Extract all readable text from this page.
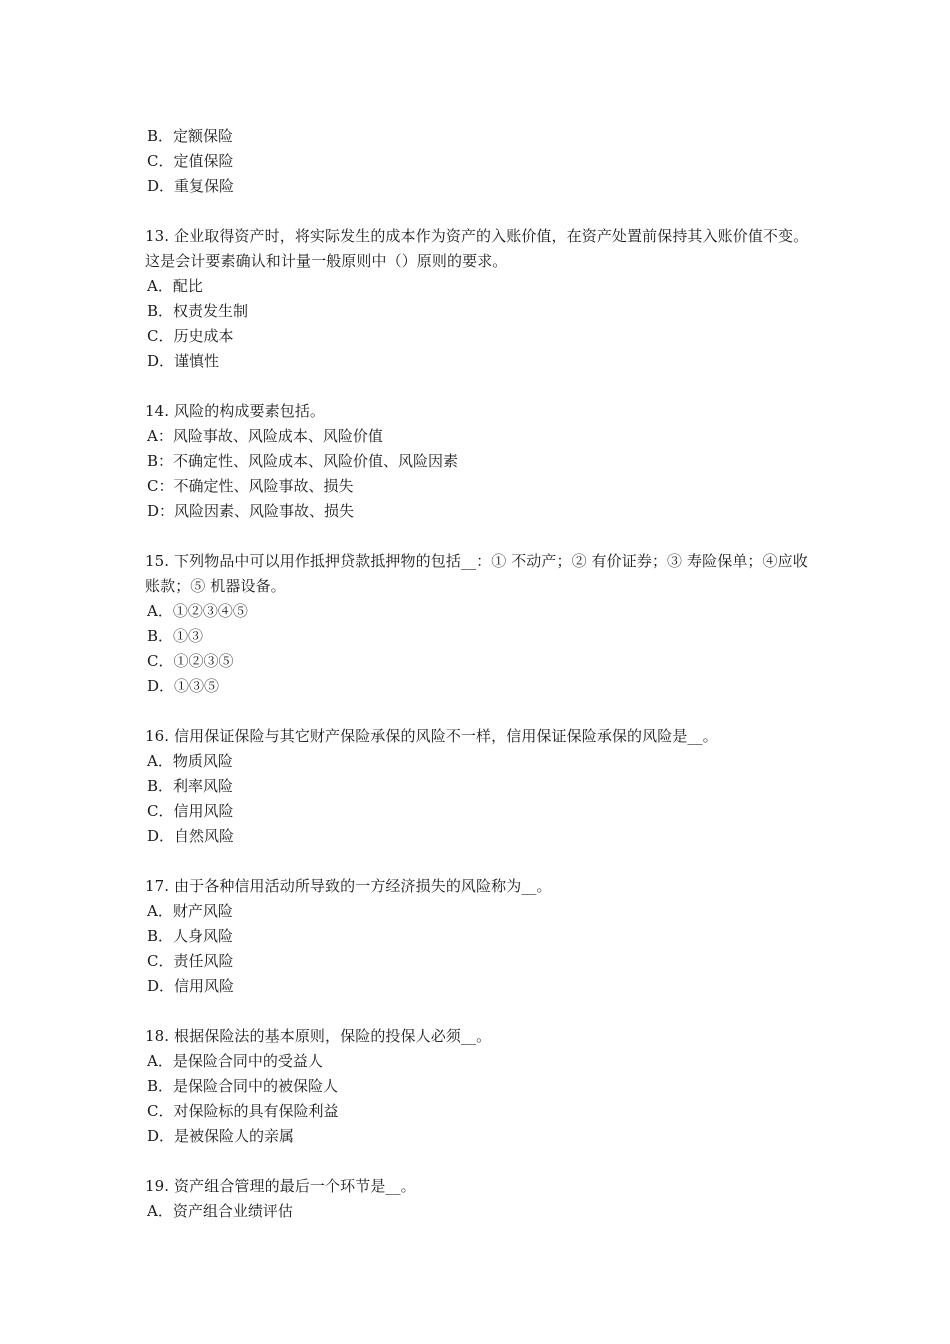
B．定额保险
C．定值保险
D．重复保险
13. 企业取得资产时，将实际发生的成本作为资产的入账价值，在资产处置前保持其入账价值不变。这是会计要素确认和计量一般原则中（）原则的要求。
A．配比
B．权责发生制
C．历史成本
D．谨慎性
14. 风险的构成要素包括。
A：风险事故、风险成本、风险价值
B：不确定性、风险成本、风险价值、风险因素
C：不确定性、风险事故、损失
D：风险因素、风险事故、损失
15. 下列物品中可以用作抵押贷款抵押物的包括__：① 不动产；② 有价证券；③ 寿险保单；④应收账款；⑤ 机器设备。
A．①②③④⑤
B．①③
C．①②③⑤
D．①③⑤
16. 信用保证保险与其它财产保险承保的风险不一样，信用保证保险承保的风险是__。
A．物质风险
B．利率风险
C．信用风险
D．自然风险
17. 由于各种信用活动所导致的一方经济损失的风险称为__。
A．财产风险
B．人身风险
C．责任风险
D．信用风险
18. 根据保险法的基本原则，保险的投保人必须__。
A．是保险合同中的受益人
B．是保险合同中的被保险人
C．对保险标的具有保险利益
D．是被保险人的亲属
19. 资产组合管理的最后一个环节是__。
A．资产组合业绩评估
